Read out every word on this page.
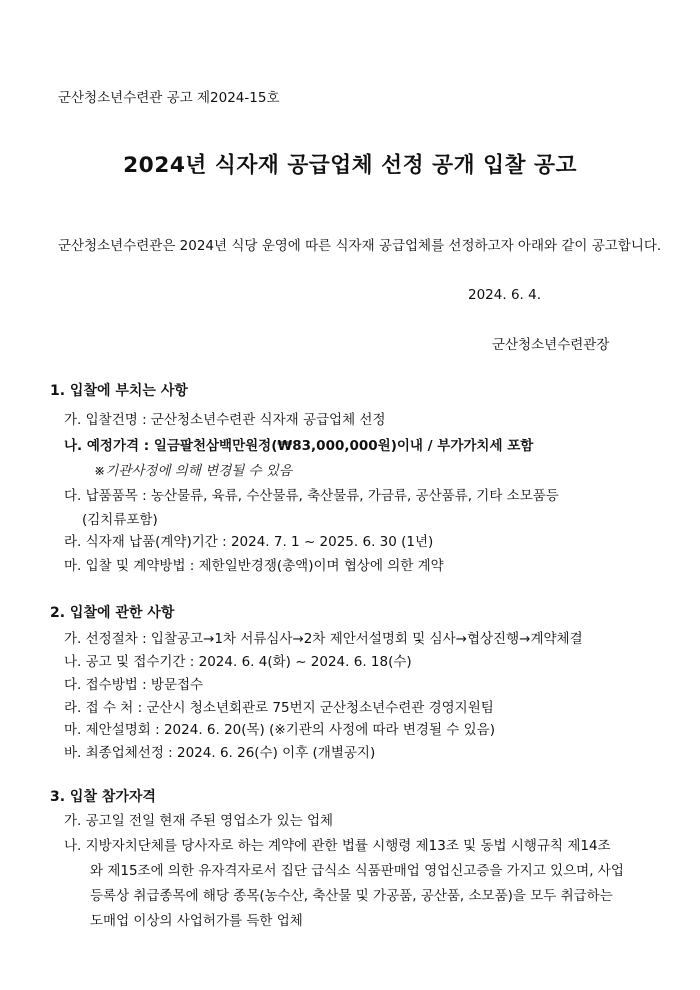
군산청소년수련관 공고 제2024-15호
2024년 식자재 공급업체 선정 공개 입찰 공고
군산청소년수련관은 2024년 식당 운영에 따른 식자재 공급업체를 선정하고자 아래와 같이 공고합니다.
2024. 6. 4.
군산청소년수련관장
1. 입찰에 부치는 사항
가. 입찰건명 : 군산청소년수련관 식자재 공급업체 선정
나. 예정가격 : 일금팔천삼백만원정(₩83,000,000원)이내 / 부가가치세 포함
※기관사정에 의해 변경될 수 있음
다. 납품품목 : 농산물류, 육류, 수산물류, 축산물류, 가금류, 공산품류, 기타 소모품등
(김치류포함)
라. 식자재 납품(계약)기간 : 2024. 7. 1 ~ 2025. 6. 30 (1년)
마. 입찰 및 계약방법 : 제한일반경쟁(총액)이며 협상에 의한 계약
2. 입찰에 관한 사항
가. 선정절차 : 입찰공고→1차 서류심사→2차 제안서설명회 및 심사→협상진행→계약체결
나. 공고 및 접수기간 : 2024. 6. 4(화) ~ 2024. 6. 18(수)
다. 접수방법 : 방문접수
라. 접 수 처 : 군산시 청소년회관로 75번지 군산청소년수련관 경영지원팀
마. 제안설명회 : 2024. 6. 20(목) (※기관의 사정에 따라 변경될 수 있음)
바. 최종업체선정 : 2024. 6. 26(수) 이후 (개별공지)
3. 입찰 참가자격
가. 공고일 전일 현재 주된 영업소가 있는 업체
나. 지방자치단체를 당사자로 하는 계약에 관한 법률 시행령 제13조 및 동법 시행규칙 제14조
와 제15조에 의한 유자격자로서 집단 급식소 식품판매업 영업신고증을 가지고 있으며, 사업
등록상 취급종목에 해당 종목(농수산, 축산물 및 가공품, 공산품, 소모품)을 모두 취급하는
도매업 이상의 사업허가를 득한 업체
